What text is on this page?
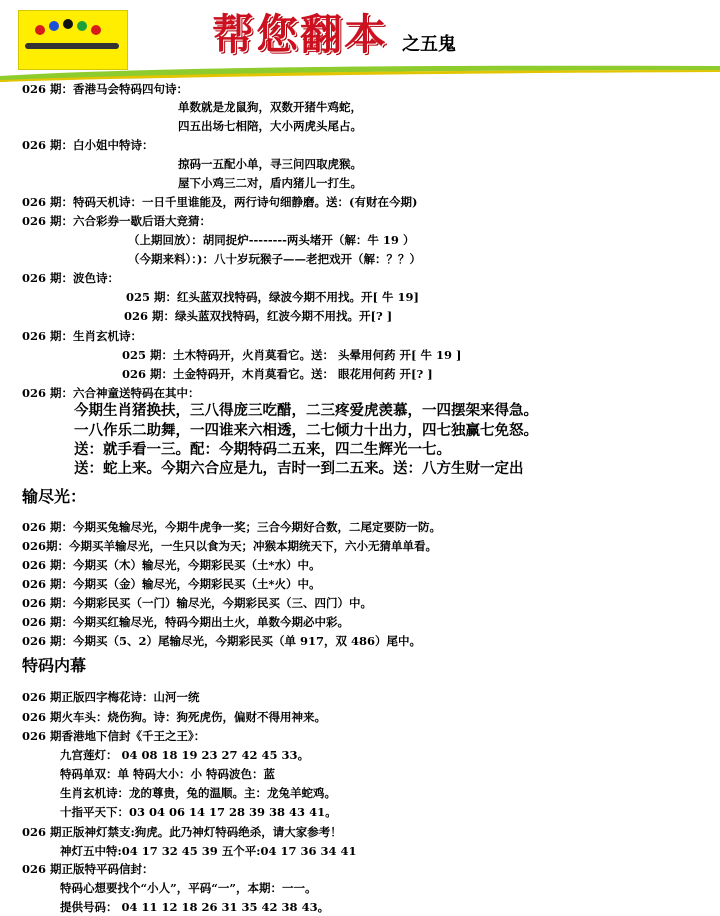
帮您翻本 之五鬼
026 期：香港马会特码四句诗：
单数就是龙鼠狗，双数开猪牛鸡蛇，
四五出场七相陪，大小两虎头尾占。
026 期：白小姐中特诗：
掠码一五配小单，寻三问四取虎猴。
屋下小鸡三二对，盾内猪儿一打生。
026 期：特码天机诗：一日千里谁能及，两行诗句细静磨。送：(有财在今期)
026 期：六合彩券一歇后语大竞猜：
（上期回放）：胡同捉炉--------两头堵开（解：牛 19 ）
（今期来料）：)：八十岁玩猴子——老把戏开（解：？？）
026 期：波色诗：
025 期：红头蓝双找特码，绿波今期不用找。开[ 牛 19]
026 期：绿头蓝双找特码，红波今期不用找。开[? ]
026 期：生肖玄机诗：
025 期：土木特码开，火肖莫看它。送： 头晕用何药 开[ 牛 19 ]
026 期：土金特码开，木肖莫看它。送： 眼花用何药 开[? ]
026 期：六合神童送特码在其中：
今期生肖猪换扶，三八得庞三吃醋，二三疼爱虎羡慕，一四摆架来得急。
一八作乐二助舞，一四谁来六相透，二七倾力十出力，四七独赢七免怒。
送：就手看一三。配：今期特码二五来，四二生辉光一七。
送：蛇上来。今期六合应是九，吉时一到二五来。送：八方生财一定出
输尽光：
026 期：今期买兔输尽光，今期牛虎争一奖；三合今期好合数，二尾定要防一防。
026期：今期买羊输尽光，一生只以食为天；冲猴本期统天下，六小无猜单单看。
026 期：今期买（木）输尽光，今期彩民买（土*水）中。
026 期：今期买（金）输尽光，今期彩民买（土*火）中。
026 期：今期彩民买（一门）输尽光，今期彩民买（三、四门）中。
026 期：今期买红输尽光，特码今期出土火，单数今期必中彩。
026 期：今期买（5、2）尾输尽光，今期彩民买（单 917，双 486）尾中。
特码内幕
026 期正版四字梅花诗：山河一统
026 期火车头：烧伤狗。诗：狗死虎伤，偏财不得用神来。
026 期香港地下信封《千王之王》：
九宫莲灯： 04 08 18 19 23 27 42 45 33。
特码单双：单 特码大小：小 特码波色：蓝
生肖玄机诗：龙的尊贵，兔的温顺。主：龙兔羊蛇鸡。
十指平天下：03 04 06 14 17 28 39 38 43 41。
026 期正版神灯禁支:狗虎。此乃神灯特码绝杀，请大家参考！
神灯五中特:04 17 32 45 39 五个平:04 17 36 34 41
026 期正版特平码信封：
特码心想要找个“小人”，平码“一”，本期：一一。
提供号码： 04 11 12 18 26 31 35 42 38 43。
